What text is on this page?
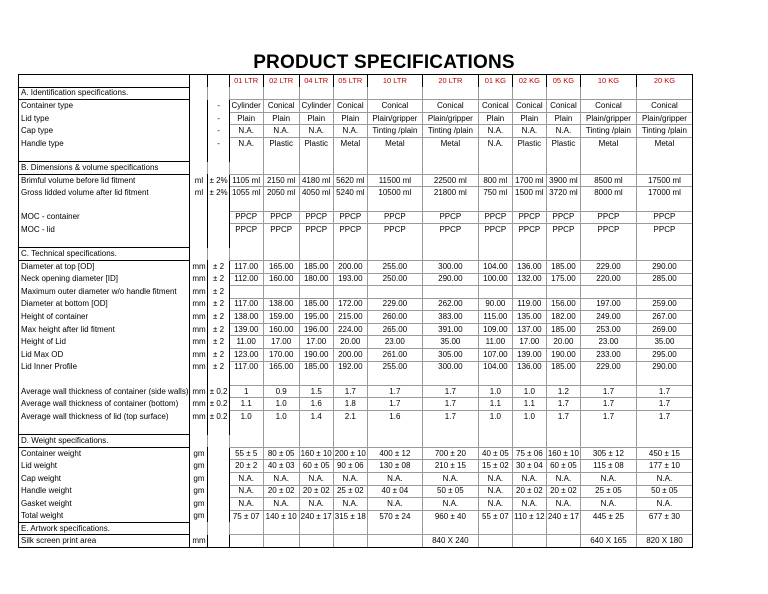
PRODUCT SPECIFICATIONS
			01 LTR	02 LTR	04 LTR	05 LTR	10 LTR	20 LTR	01 KG	02 KG	05 KG	10 KG	20 KG
A. Identification specifications.													
Container type		-	Cylinder	Conical	Cylinder	Conical	Conical	Conical	Conical	Conical	Conical	Conical	Conical
Lid type		-	Plain	Plain	Plain	Plain	Plain/gripper	Plain/gripper	Plain	Plain	Plain	Plain/gripper	Plain/gripper
Cap type		-	N.A.	N.A.	N.A.	N.A.	Tinting /plain	Tinting /plain	N.A.	N.A.	N.A.	Tinting /plain	Tinting /plain
Handle type		-	N.A.	Plastic	Plastic	Metal	Metal	Metal	N.A.	Plastic	Plastic	Metal	Metal

B. Dimensions & volume specifications													
Brimful volume before lid fitment	ml	± 2%	1105 ml	2150 ml	4180 ml	5620 ml	11500 ml	22500 ml	800 ml	1700 ml	3900 ml	8500 ml	17500 ml
Gross lidded volume after lid fitment	ml	± 2%	1055 ml	2050 ml	4050 ml	5240 ml	10500 ml	21800 ml	750 ml	1500 ml	3720 ml	8000 ml	17000 ml

MOC - container			PPCP	PPCP	PPCP	PPCP	PPCP	PPCP	PPCP	PPCP	PPCP	PPCP	PPCP
MOC - lid			PPCP	PPCP	PPCP	PPCP	PPCP	PPCP	PPCP	PPCP	PPCP	PPCP	PPCP

C. Technical specifications.													
Diameter at top [OD]	mm	± 2	117.00	165.00	185.00	200.00	255.00	300.00	104.00	136.00	185.00	229.00	290.00
Neck opening diameter [ID]	mm	± 2	112.00	160.00	180.00	193.00	250.00	290.00	100.00	132.00	175.00	220.00	285.00
Maximum outer diameter w/o handle fitment	mm	± 2											
Diameter at bottom [OD]	mm	± 2	117.00	138.00	185.00	172.00	229.00	262.00	90.00	119.00	156.00	197.00	259.00
Height of container	mm	± 2	138.00	159.00	195.00	215.00	260.00	383.00	115.00	135.00	182.00	249.00	267.00
Max height after lid fitment	mm	± 2	139.00	160.00	196.00	224.00	265.00	391.00	109.00	137.00	185.00	253.00	269.00
Height of Lid	mm	± 2	11.00	17.00	17.00	20.00	23.00	35.00	11.00	17.00	20.00	23.00	35.00
Lid Max OD	mm	± 2	123.00	170.00	190.00	200.00	261.00	305.00	107.00	139.00	190.00	233.00	295.00
Lid Inner Profile	mm	± 2	117.00	165.00	185.00	192.00	255.00	300.00	104.00	136.00	185.00	229.00	290.00

Average wall thickness of container (side walls)	mm	± 0.2	1	0.9	1.5	1.7	1.7	1.7	1.0	1.0	1.2	1.7	1.7
Average wall thickness of container (bottom)	mm	± 0.2	1.1	1.0	1.6	1.8	1.7	1.7	1.1	1.1	1.7	1.7	1.7
Average wall thickness of lid (top surface)	mm	± 0.2	1.0	1.0	1.4	2.1	1.6	1.7	1.0	1.0	1.7	1.7	1.7

D. Weight specifications.													
Container weight	gm		55 ± 5	80 ± 05	160 ± 10	200 ± 10	400 ± 12	700 ± 20	40 ± 05	75 ± 06	160 ± 10	305 ± 12	450 ± 15
Lid weight	gm		20 ± 2	40 ± 03	60 ± 05	90 ± 06	130 ± 08	210 ± 15	15 ± 02	30 ± 04	60 ± 05	115 ± 08	177 ± 10
Cap weight	gm		N.A.	N.A.	N.A.	N.A.	N.A.	N.A.	N.A.	N.A.	N.A.	N.A.	N.A.
Handle weight	gm		N.A.	20 ± 02	20 ± 02	25 ± 02	40 ± 04	50 ± 05	N.A.	20 ± 02	20 ± 02	25 ± 05	50 ± 05
Gasket weight	gm		N.A.	N.A.	N.A.	N.A.	N.A.	N.A.	N.A.	N.A.	N.A.	N.A.	N.A.
Total weight	gm		75 ± 07	140 ± 10	240 ± 17	315 ± 18	570 ± 24	960 ± 40	55 ± 07	110 ± 12	240 ± 17	445 ± 25	677 ± 30
E. Artwork specifications.													
Silk screen print area	mm							840 X 240				640 X 165	820 X 180
